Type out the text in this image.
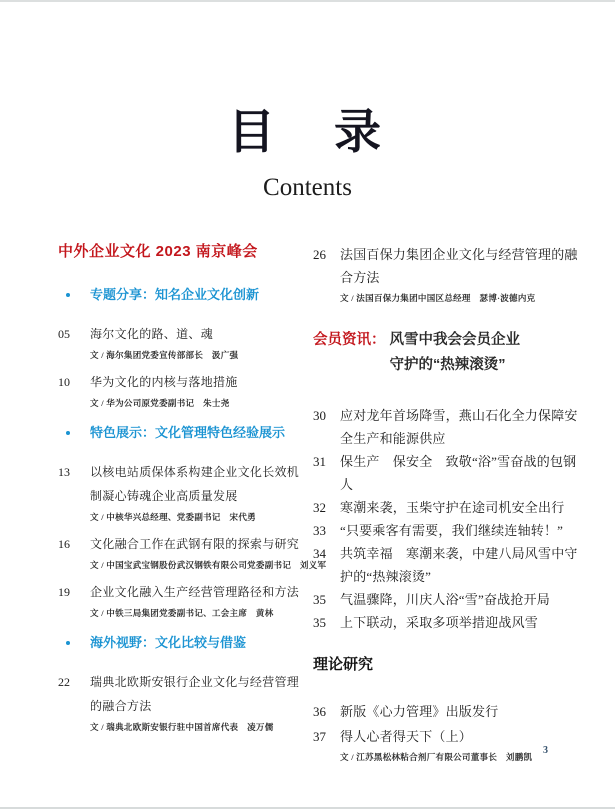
目　录
Contents
中外企业文化 2023 南京峰会
专题分享：知名企业文化创新
05	海尔文化的路、道、魂
文 / 海尔集团党委宣传部部长　汲广强
10	华为文化的内核与落地措施
文 / 华为公司原党委副书记　朱士尧
特色展示：文化管理特色经验展示
13	以核电站质保体系构建企业文化长效机制凝心铸魂企业高质量发展
文 / 中核华兴总经理、党委副书记　宋代勇
16	文化融合工作在武钢有限的探索与研究
文 / 中国宝武宝钢股份武汉钢铁有限公司党委副书记　刘义军
19	企业文化融入生产经营管理路径和方法
文 / 中铁三局集团党委副书记、工会主席　黄林
海外视野：文化比较与借鉴
22	瑞典北欧斯安银行企业文化与经营管理的融合方法
文 / 瑞典北欧斯安银行驻中国首席代表　凌万儒
26	法国百保力集团企业文化与经营管理的融合方法
文 / 法国百保力集团中国区总经理　瑟博·波德内克
会员资讯： 风雪中我会会员企业
守护的“热辣滚烫”
30	应对龙年首场降雪，燕山石化全力保障安全生产和能源供应
31	保生产　保安全　致敬“浴”雪奋战的包钢人
32	寒潮来袭，玉柴守护在途司机安全出行
33	“只要乘客有需要，我们继续连轴转！”
34	共筑幸福　寒潮来袭，中建八局风雪中守护的“热辣滚烫”
35	气温骤降，川庆人浴“雪”奋战抢开局
35	上下联动，采取多项举措迎战风雪
理论研究
36	新版《心力管理》出版发行
37	得人心者得天下（上）
文 / 江苏黑松林粘合剂厂有限公司董事长　刘鹏凯
3
